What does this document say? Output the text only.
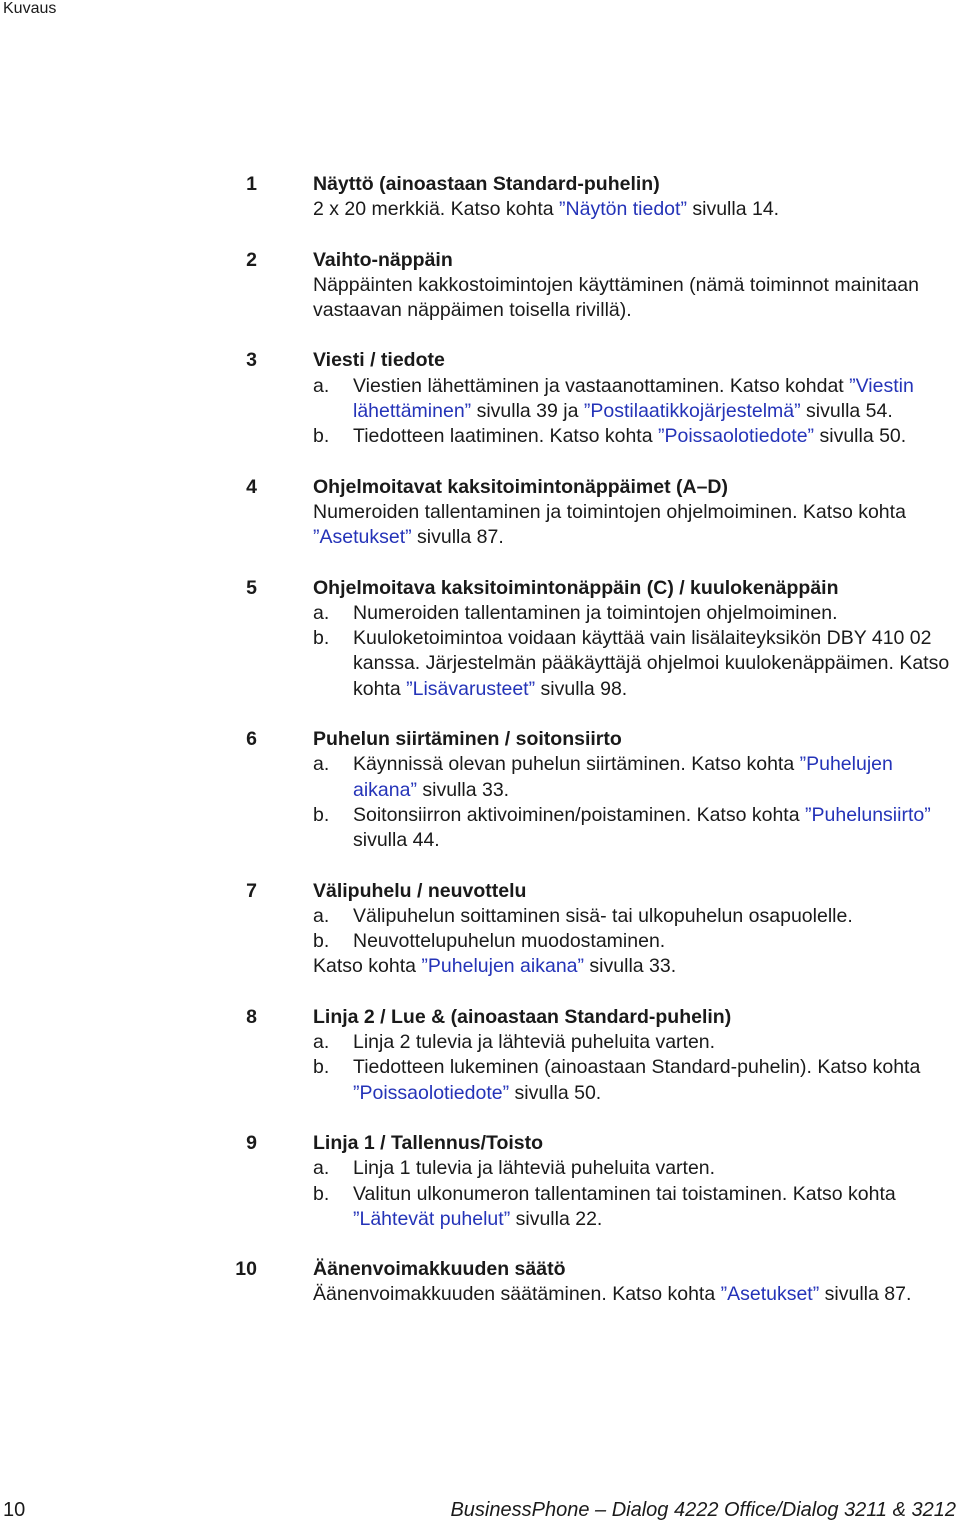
Kuvaus
1	Näyttö (ainoastaan Standard-puhelin)
2 x 20 merkkiä. Katso kohta ”Näytön tiedot” sivulla 14.
2	Vaihto-näppäin
Näppäinten kakkostoimintojen käyttäminen (nämä toiminnot mainitaan vastaavan näppäimen toisella rivillä).
3	Viesti / tiedote
a.	Viestien lähettäminen ja vastaanottaminen. Katso kohdat ”Viestin lähettäminen” sivulla 39 ja ”Postilaatikkojärjestelmä” sivulla 54.
b.	Tiedotteen laatiminen. Katso kohta ”Poissaolotiedote” sivulla 50.
4	Ohjelmoitavat kaksitoimintonäppäimet (A–D)
Numeroiden tallentaminen ja toimintojen ohjelmoiminen. Katso kohta ”Asetukset” sivulla 87.
5	Ohjelmoitava kaksitoimintonäppäin (C) / kuulokenäppäin
a.	Numeroiden tallentaminen ja toimintojen ohjelmoiminen.
b.	Kuuloketoimintoa voidaan käyttää vain lisälaiteyksikön DBY 410 02 kanssa. Järjestelmän pääkäyttäjä ohjelmoi kuulokenäppäimen. Katso kohta ”Lisävarusteet” sivulla 98.
6	Puhelun siirtäminen / soitonsiirto
a.	Käynnissä olevan puhelun siirtäminen. Katso kohta ”Puhelujen aikana” sivulla 33.
b.	Soitonsiirron aktivoiminen/poistaminen. Katso kohta ”Puhelunsiirto” sivulla 44.
7	Välipuhelu / neuvottelu
a.	Välipuhelun soittaminen sisä- tai ulkopuhelun osapuolelle.
b.	Neuvottelupuhelun muodostaminen.
Katso kohta ”Puhelujen aikana” sivulla 33.
8	Linja 2 / Lue & (ainoastaan Standard-puhelin)
a.	Linja 2 tulevia ja lähteviä puheluita varten.
b.	Tiedotteen lukeminen (ainoastaan Standard-puhelin). Katso kohta ”Poissaolotiedote” sivulla 50.
9	Linja 1 / Tallennus/Toisto
a.	Linja 1 tulevia ja lähteviä puheluita varten.
b.	Valitun ulkonumeron tallentaminen tai toistaminen. Katso kohta ”Lähtevät puhelut” sivulla 22.
10	Äänenvoimakkuuden säätö
Äänenvoimakkuuden säätäminen. Katso kohta ”Asetukset” sivulla 87.
10	BusinessPhone – Dialog 4222 Office/Dialog 3211 & 3212
